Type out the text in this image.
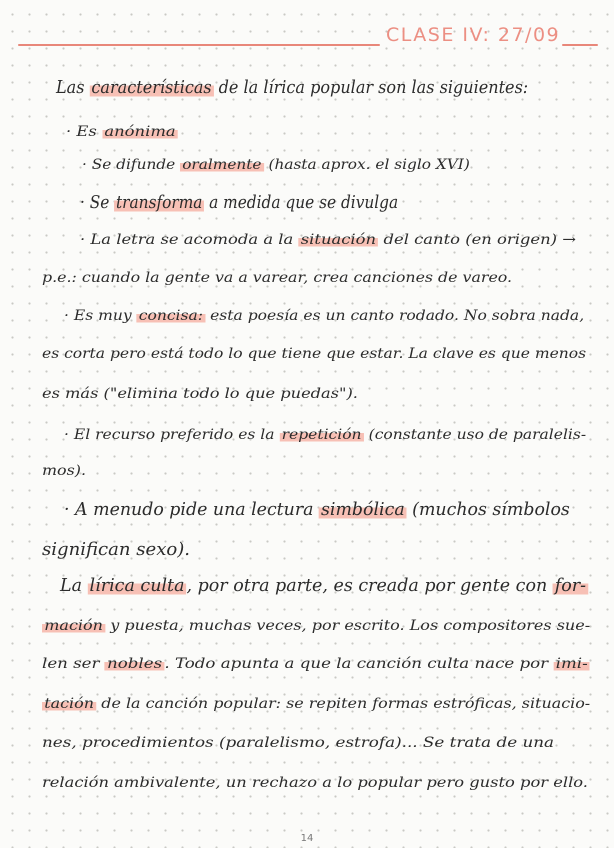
CLASE IV: 27/09
Las características de la lírica popular son las siguientes:
· Es anónima
· Se difunde oralmente (hasta aprox. el siglo XVI)
· Se transforma a medida que se divulga
· La letra se acomoda a la situación del canto (en origen) →
p.e.: cuando la gente va a varear, crea canciones de vareo.
· Es muy concisa: esta poesía es un canto rodado. No sobra nada,
es corta pero está todo lo que tiene que estar. La clave es que menos
es más ("elimina todo lo que puedas").
· El recurso preferido es la repetición (constante uso de paralelis-
mos).
· A menudo pide una lectura simbólica (muchos símbolos
significan sexo).
La lírica culta , por otra parte, es creada por gente con for-
mación y puesta, muchas veces, por escrito. Los compositores sue-
len ser nobles . Todo apunta a que la canción culta nace por imi-
tación de la canción popular: se repiten formas estróficas, situacio-
nes, procedimientos (paralelismo, estrofa)... Se trata de una
relación ambivalente, un rechazo a lo popular pero gusto por ello.
14
